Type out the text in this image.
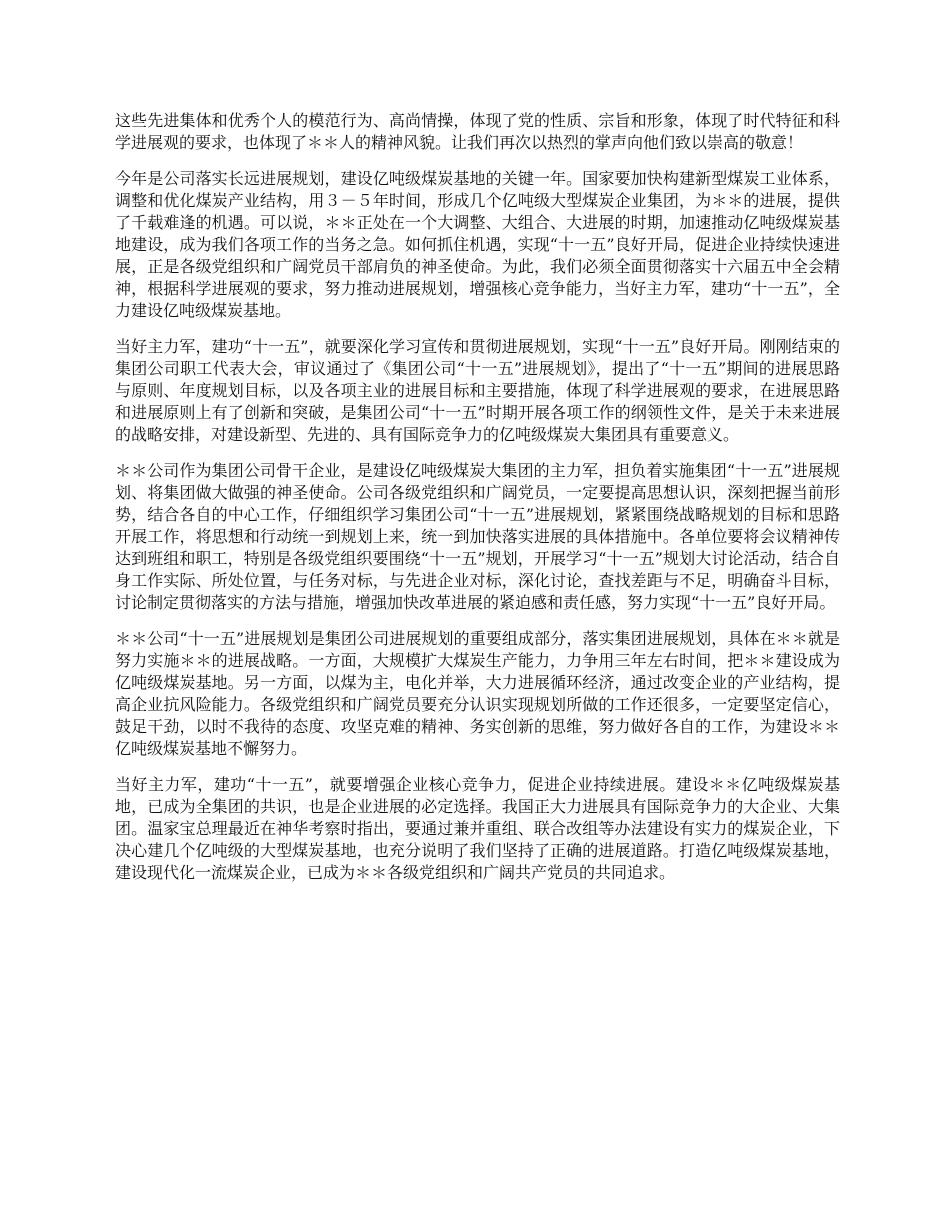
这些先进集体和优秀个人的模范行为、高尚情操，体现了党的性质、宗旨和形象，体现了时代特征和科学进展观的要求，也体现了＊＊人的精神风貌。让我们再次以热烈的掌声向他们致以崇高的敬意！

今年是公司落实长远进展规划，建设亿吨级煤炭基地的关键一年。国家要加快构建新型煤炭工业体系，调整和优化煤炭产业结构，用３－５年时间，形成几个亿吨级大型煤炭企业集团，为＊＊的进展，提供了千载难逢的机遇。可以说，＊＊正处在一个大调整、大组合、大进展的时期，加速推动亿吨级煤炭基地建设，成为我们各项工作的当务之急。如何抓住机遇，实现“十一五”良好开局，促进企业持续快速进展，正是各级党组织和广阔党员干部肩负的神圣使命。为此，我们必须全面贯彻落实十六届五中全会精神，根据科学进展观的要求，努力推动进展规划，增强核心竞争能力，当好主力军，建功“十一五”，全力建设亿吨级煤炭基地。

当好主力军，建功“十一五”，就要深化学习宣传和贯彻进展规划，实现“十一五”良好开局。刚刚结束的集团公司职工代表大会，审议通过了《集团公司“十一五”进展规划》，提出了“十一五”期间的进展思路与原则、年度规划目标，以及各项主业的进展目标和主要措施，体现了科学进展观的要求，在进展思路和进展原则上有了创新和突破，是集团公司“十一五”时期开展各项工作的纲领性文件，是关于未来进展的战略安排，对建设新型、先进的、具有国际竞争力的亿吨级煤炭大集团具有重要意义。

＊＊公司作为集团公司骨干企业，是建设亿吨级煤炭大集团的主力军，担负着实施集团“十一五”进展规划、将集团做大做强的神圣使命。公司各级党组织和广阔党员，一定要提高思想认识，深刻把握当前形势，结合各自的中心工作，仔细组织学习集团公司“十一五”进展规划，紧紧围绕战略规划的目标和思路开展工作，将思想和行动统一到规划上来，统一到加快落实进展的具体措施中。各单位要将会议精神传达到班组和职工，特别是各级党组织要围绕“十一五”规划，开展学习“十一五”规划大讨论活动，结合自身工作实际、所处位置，与任务对标，与先进企业对标，深化讨论，查找差距与不足，明确奋斗目标，讨论制定贯彻落实的方法与措施，增强加快改革进展的紧迫感和责任感，努力实现“十一五”良好开局。

＊＊公司“十一五”进展规划是集团公司进展规划的重要组成部分，落实集团进展规划，具体在＊＊就是努力实施＊＊的进展战略。一方面，大规模扩大煤炭生产能力，力争用三年左右时间，把＊＊建设成为亿吨级煤炭基地。另一方面，以煤为主，电化并举，大力进展循环经济，通过改变企业的产业结构，提高企业抗风险能力。各级党组织和广阔党员要充分认识实现规划所做的工作还很多，一定要坚定信心，鼓足干劲，以时不我待的态度、攻坚克难的精神、务实创新的思维，努力做好各自的工作，为建设＊＊亿吨级煤炭基地不懈努力。

当好主力军，建功“十一五”，就要增强企业核心竞争力，促进企业持续进展。建设＊＊亿吨级煤炭基地，已成为全集团的共识，也是企业进展的必定选择。我国正大力进展具有国际竞争力的大企业、大集团。温家宝总理最近在神华考察时指出，要通过兼并重组、联合改组等办法建设有实力的煤炭企业，下决心建几个亿吨级的大型煤炭基地，也充分说明了我们坚持了正确的进展道路。打造亿吨级煤炭基地，建设现代化一流煤炭企业，已成为＊＊各级党组织和广阔共产党员的共同追求。
